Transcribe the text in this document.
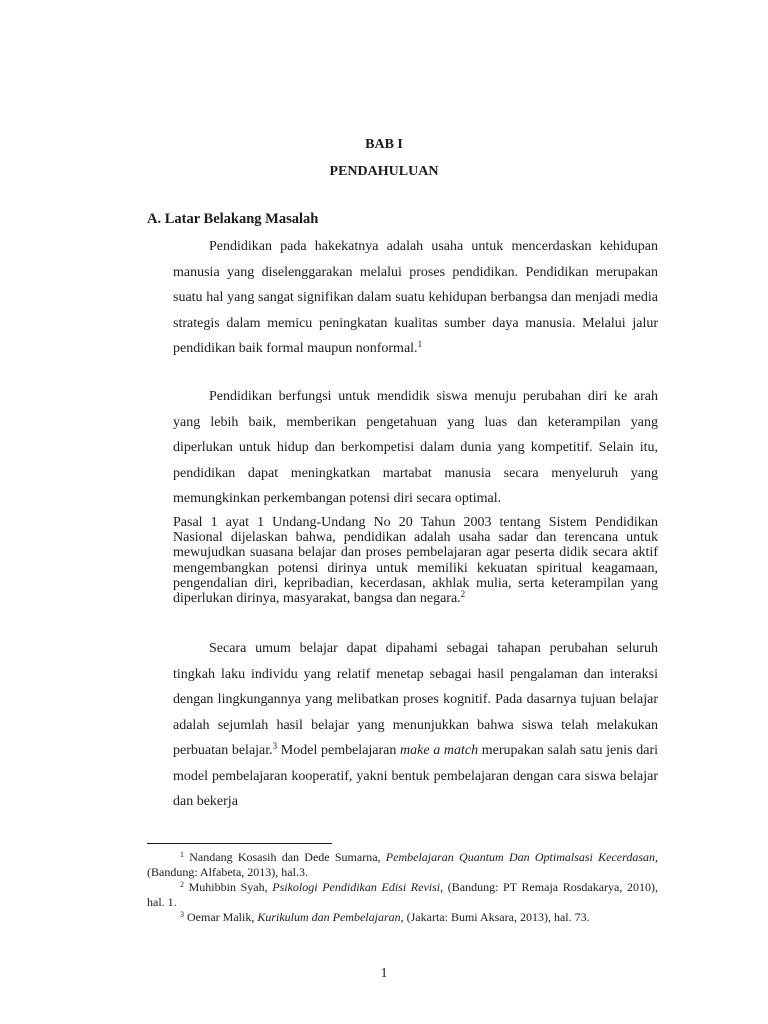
BAB I
PENDAHULUAN
A. Latar Belakang Masalah

Pendidikan pada hakekatnya adalah usaha untuk mencerdaskan kehidupan manusia yang diselenggarakan melalui proses pendidikan. Pendidikan merupakan suatu hal yang sangat signifikan dalam suatu kehidupan berbangsa dan menjadi media strategis dalam memicu peningkatan kualitas sumber daya manusia. Melalui jalur pendidikan baik formal maupun nonformal.$^1$

Pendidikan berfungsi untuk mendidik siswa menuju perubahan diri ke arah yang lebih baik, memberikan pengetahuan yang luas dan keterampilan yang diperlukan untuk hidup dan berkompetisi dalam dunia yang kompetitif. Selain itu, pendidikan dapat meningkatkan martabat manusia secara menyeluruh yang memungkinkan perkembangan potensi diri secara optimal.

Pasal 1 ayat 1 Undang-Undang No 20 Tahun 2003 tentang Sistem Pendidikan Nasional dijelaskan bahwa, pendidikan adalah usaha sadar dan terencana untuk mewujudkan suasana belajar dan proses pembelajaran agar peserta didik secara aktif mengembangkan potensi dirinya untuk memiliki kekuatan spiritual keagamaan, pengendalian diri, kepribadian, kecerdasan, akhlak mulia, serta keterampilan yang diperlukan dirinya, masyarakat, bangsa dan negara.$^2$

Secara umum belajar dapat dipahami sebagai tahapan perubahan seluruh tingkah laku individu yang relatif menetap sebagai hasil pengalaman dan interaksi dengan lingkungannya yang melibatkan proses kognitif. Pada dasarnya tujuan belajar adalah sejumlah hasil belajar yang menunjukkan bahwa siswa telah melakukan perbuatan belajar.$^3$ Model pembelajaran make a match merupakan salah satu jenis dari model pembelajaran kooperatif, yakni bentuk pembelajaran dengan cara siswa belajar dan bekerja

$^1$ Nandang Kosasih dan Dede Sumarna, Pembelajaran Quantum Dan Optimalsasi Kecerdasan, (Bandung: Alfabeta, 2013), hal.3.

$^2$ Muhibbin Syah, Psikologi Pendidikan Edisi Revisi, (Bandung: PT Remaja Rosdakarya, 2010), hal. 1.

$^3$ Oemar Malik, Kurikulum dan Pembelajaran, (Jakarta: Bumi Aksara, 2013), hal. 73.

1
